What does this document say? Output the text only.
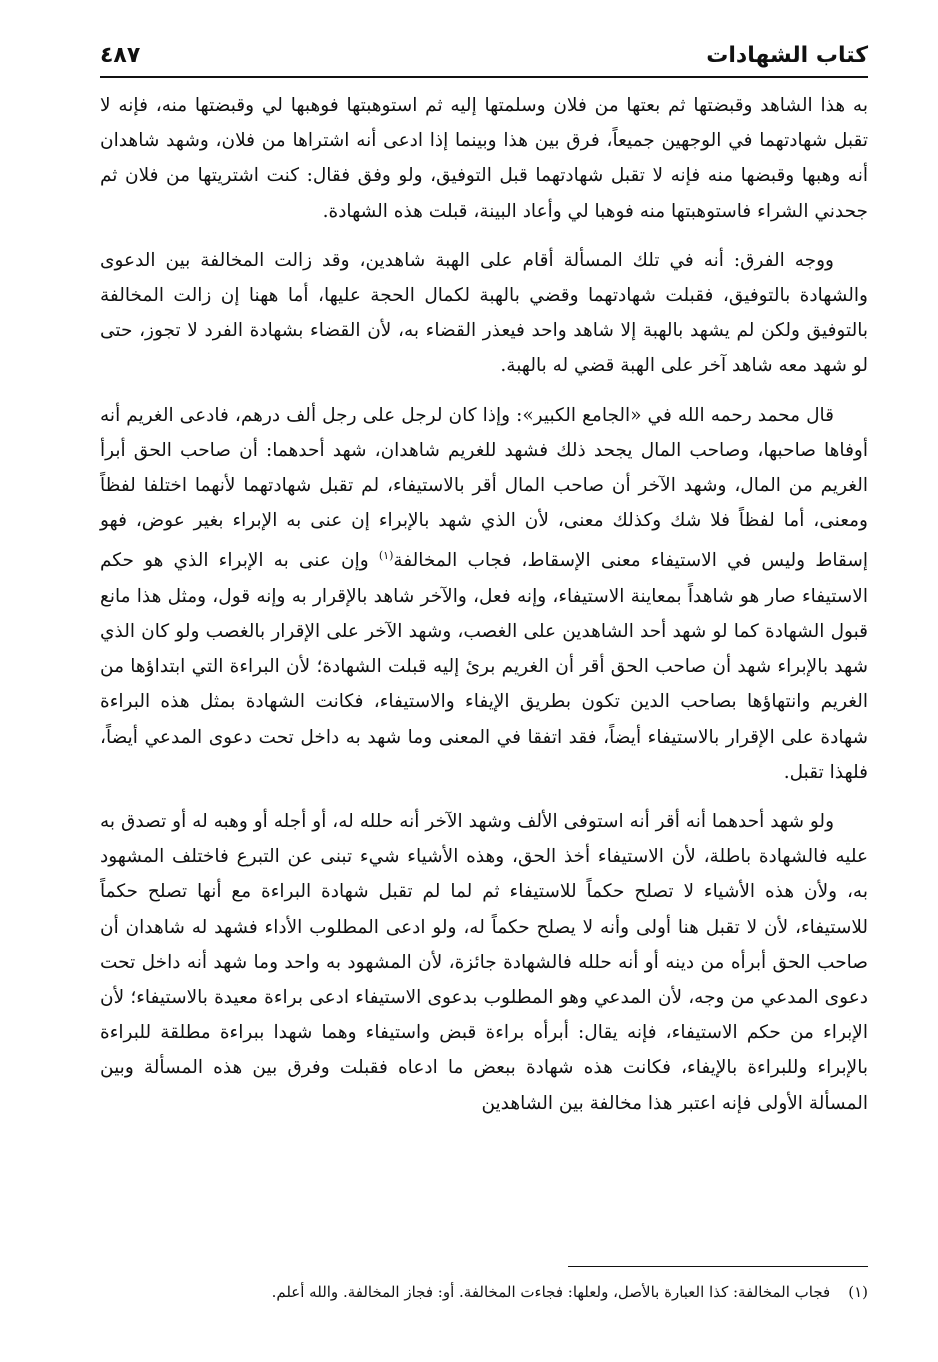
كتاب الشهادات
٤٨٧

به هذا الشاهد وقبضتها ثم بعتها من فلان وسلمتها إليه ثم استوهبتها فوهبها لي وقبضتها منه، فإنه لا تقبل شهادتهما في الوجهين جميعاً، فرق بين هذا وبينما إذا ادعى أنه اشتراها من فلان، وشهد شاهدان أنه وهبها وقبضها منه فإنه لا تقبل شهادتهما قبل التوفيق، ولو وفق فقال: كنت اشتريتها من فلان ثم جحدني الشراء فاستوهبتها منه فوهبا لي وأعاد البينة، قبلت هذه الشهادة.

ووجه الفرق: أنه في تلك المسألة أقام على الهبة شاهدين، وقد زالت المخالفة بين الدعوى والشهادة بالتوفيق، فقبلت شهادتهما وقضي بالهبة لكمال الحجة عليها، أما ههنا إن زالت المخالفة بالتوفيق ولكن لم يشهد بالهبة إلا شاهد واحد فيعذر القضاء به، لأن القضاء بشهادة الفرد لا تجوز، حتى لو شهد معه شاهد آخر على الهبة قضي له بالهبة.

قال محمد رحمه الله في «الجامع الكبير»: وإذا كان لرجل على رجل ألف درهم، فادعى الغريم أنه أوفاها صاحبها، وصاحب المال يجحد ذلك فشهد للغريم شاهدان، شهد أحدهما: أن صاحب الحق أبرأ الغريم من المال، وشهد الآخر أن صاحب المال أقر بالاستيفاء، لم تقبل شهادتهما لأنهما اختلفا لفظاً ومعنى، أما لفظاً فلا شك وكذلك معنى، لأن الذي شهد بالإبراء إن عنى به الإبراء بغير عوض، فهو إسقاط وليس في الاستيفاء معنى الإسقاط، فجاب المخالفة$^{(١)}$ وإن عنى به الإبراء الذي هو حكم الاستيفاء صار هو شاهداً بمعاينة الاستيفاء، وإنه فعل، والآخر شاهد بالإقرار به وإنه قول، ومثل هذا مانع قبول الشهادة كما لو شهد أحد الشاهدين على الغصب، وشهد الآخر على الإقرار بالغصب ولو كان الذي شهد بالإبراء شهد أن صاحب الحق أقر أن الغريم برئ إليه قبلت الشهادة؛ لأن البراءة التي ابتداؤها من الغريم وانتهاؤها بصاحب الدين تكون بطريق الإيفاء والاستيفاء، فكانت الشهادة بمثل هذه البراءة شهادة على الإقرار بالاستيفاء أيضاً، فقد اتفقا في المعنى وما شهد به داخل تحت دعوى المدعي أيضاً، فلهذا تقبل.

ولو شهد أحدهما أنه أقر أنه استوفى الألف وشهد الآخر أنه حلله له، أو أجله أو وهبه له أو تصدق به عليه فالشهادة باطلة، لأن الاستيفاء أخذ الحق، وهذه الأشياء شيء تبنى عن التبرع فاختلف المشهود به، ولأن هذه الأشياء لا تصلح حكماً للاستيفاء ثم لما لم تقبل شهادة البراءة مع أنها تصلح حكماً للاستيفاء، لأن لا تقبل هنا أولى وأنه لا يصلح حكماً له، ولو ادعى المطلوب الأداء فشهد له شاهدان أن صاحب الحق أبرأه من دينه أو أنه حلله فالشهادة جائزة، لأن المشهود به واحد وما شهد أنه داخل تحت دعوى المدعي من وجه، لأن المدعي وهو المطلوب بدعوى الاستيفاء ادعى براءة معيدة بالاستيفاء؛ لأن الإبراء من حكم الاستيفاء، فإنه يقال: أبرأه براءة قبض واستيفاء وهما شهدا ببراءة مطلقة للبراءة بالإبراء وللبراءة بالإيفاء، فكانت هذه شهادة ببعض ما ادعاه فقبلت وفرق بين هذه المسألة وبين المسألة الأولى فإنه اعتبر هذا مخالفة بين الشاهدين

(١)فجاب المخالفة: كذا العبارة بالأصل، ولعلها: فجاءت المخالفة. أو: فجاز المخالفة. والله أعلم.
